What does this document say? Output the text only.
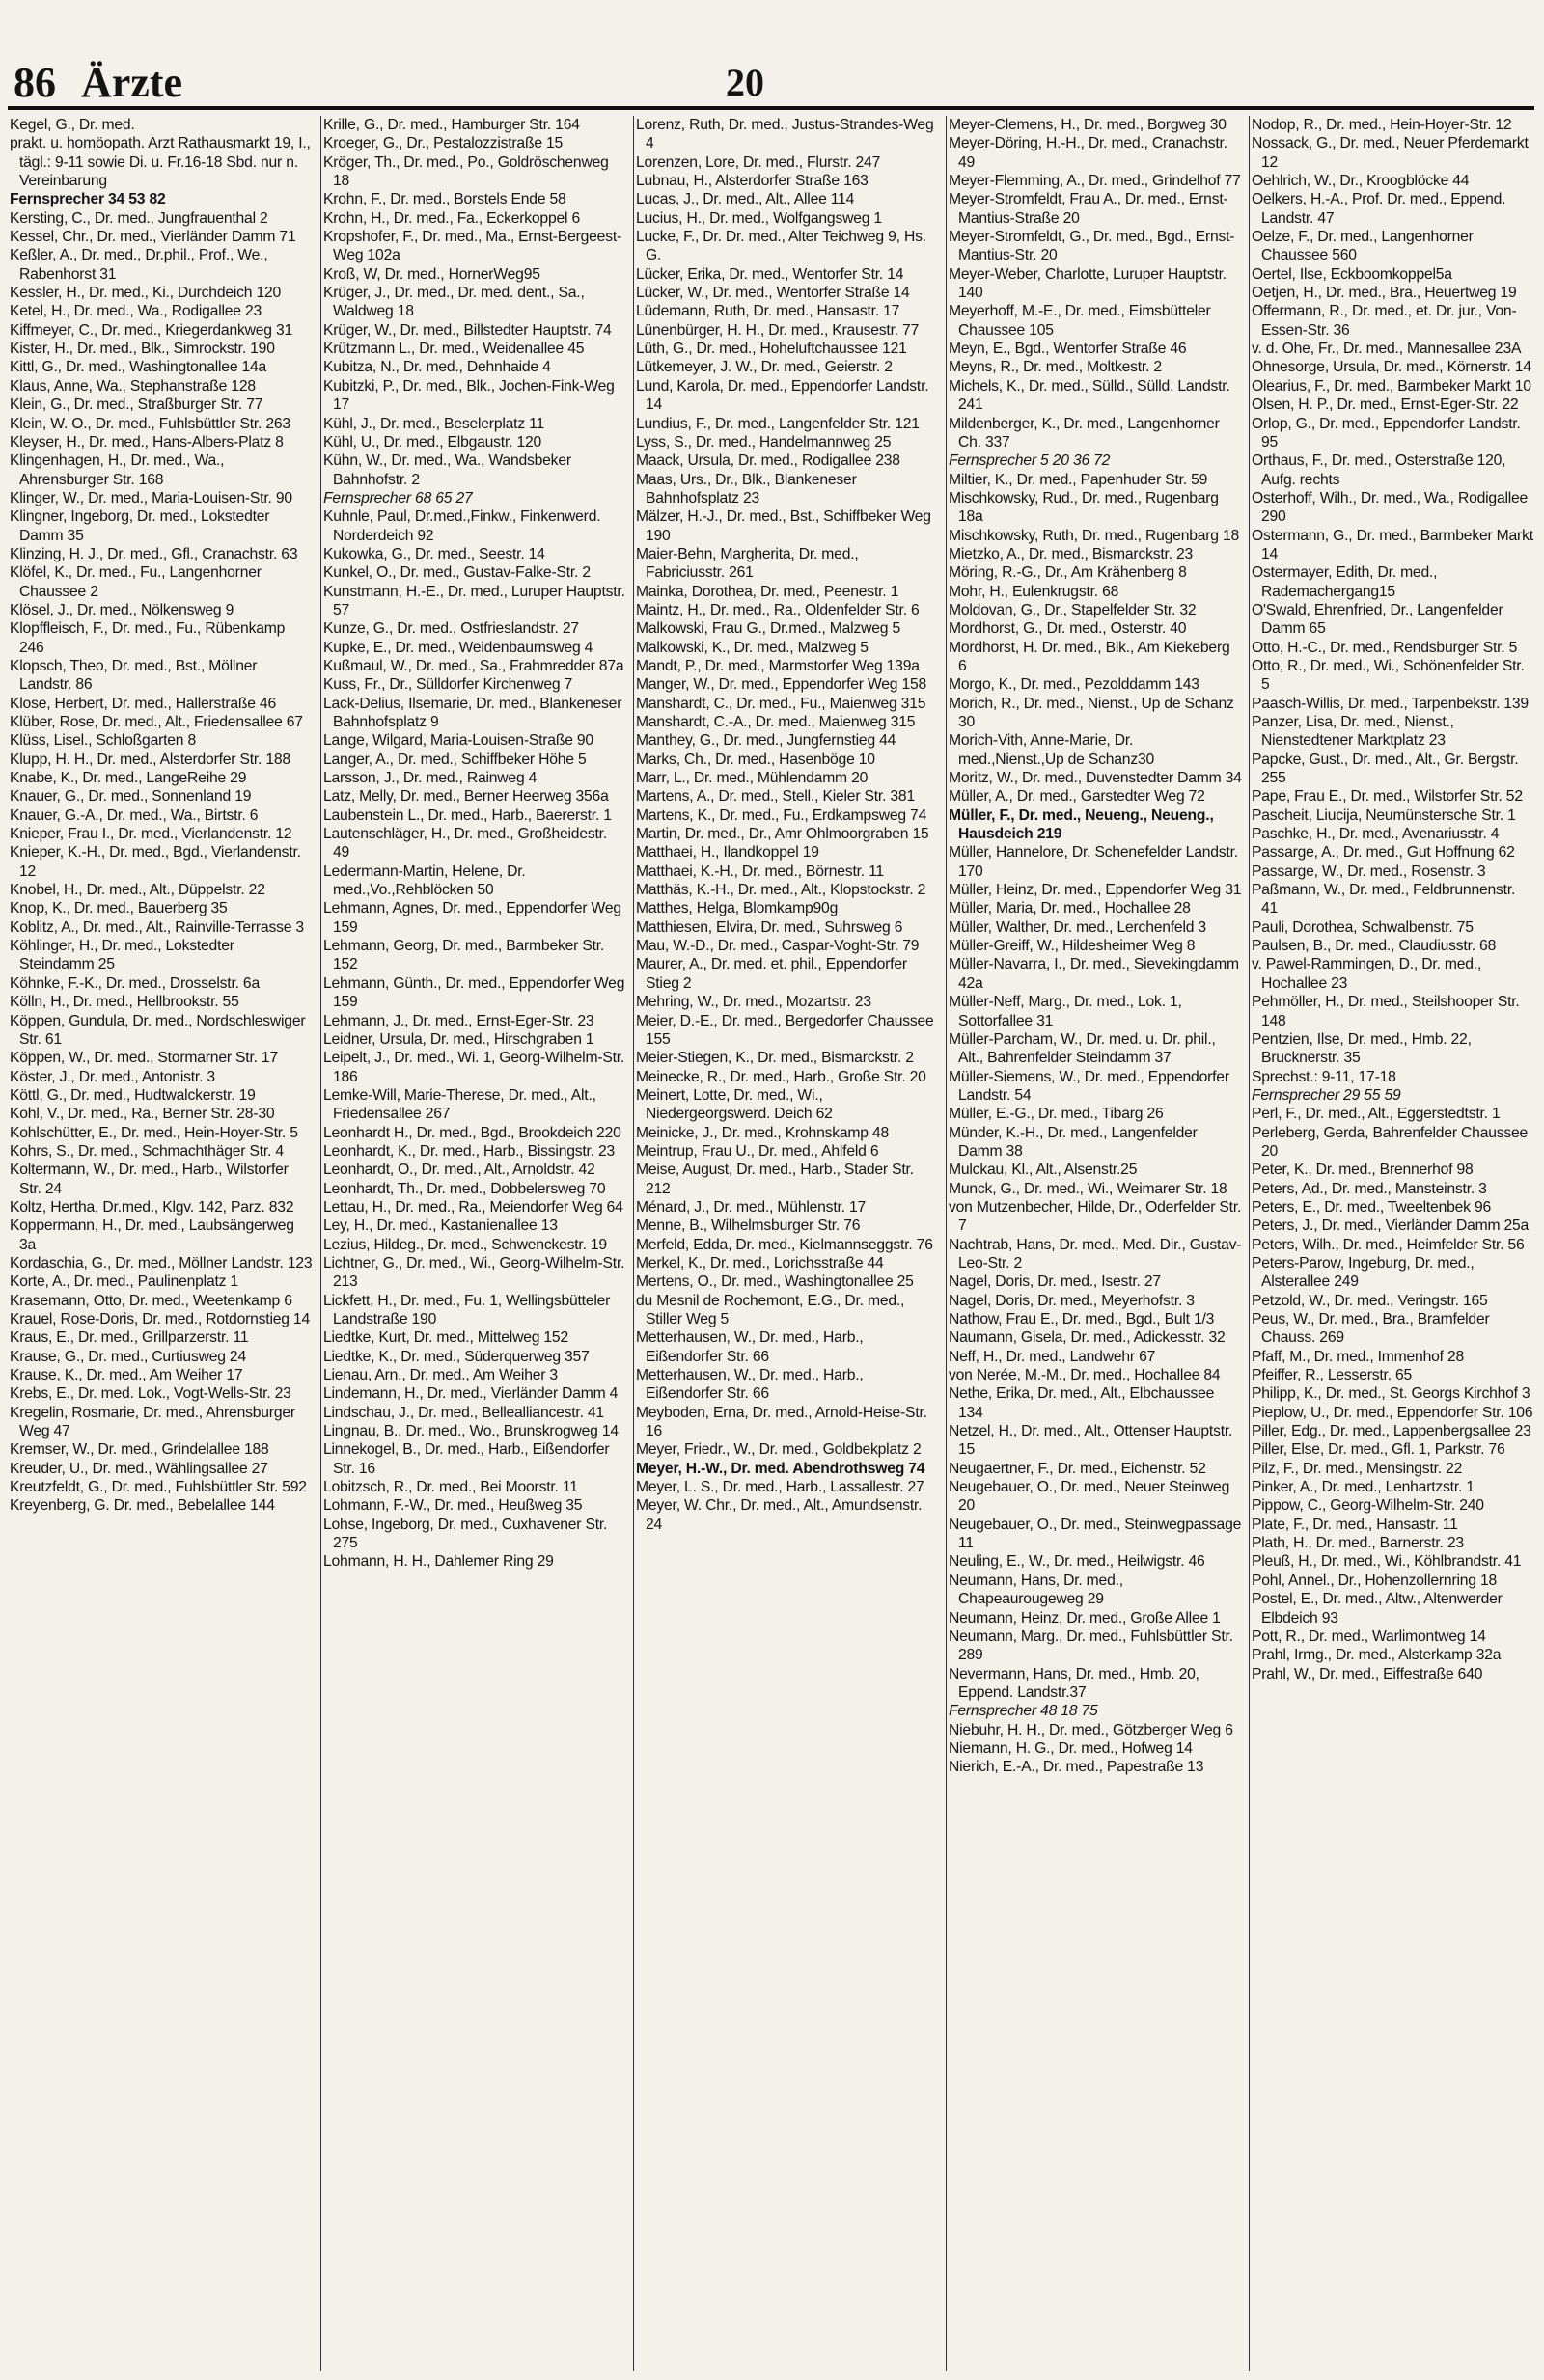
86 Ärzte	20

Kegel, G., Dr. med.

prakt. u. homöopath. Arzt Rathausmarkt 19, I., tägl.: 9-11 sowie Di. u. Fr.16-18 Sbd. nur n. Vereinbarung

Fernsprecher 34 53 82

Kersting, C., Dr. med., Jungfrauenthal 2

Kessel, Chr., Dr. med., Vierländer Damm 71

Keßler, A., Dr. med., Dr.phil., Prof., We., Rabenhorst 31

Kessler, H., Dr. med., Ki., Durchdeich 120

Ketel, H., Dr. med., Wa., Rodigallee 23

Kiffmeyer, C., Dr. med., Kriegerdankweg 31

Kister, H., Dr. med., Blk., Simrockstr. 190

Kittl, G., Dr. med., Washingtonallee 14a

Klaus, Anne, Wa., Stephanstraße 128

Klein, G., Dr. med., Straßburger Str. 77

Klein, W. O., Dr. med., Fuhlsbüttler Str. 263

Kleyser, H., Dr. med., Hans-Albers-Platz 8

Klingenhagen, H., Dr. med., Wa., Ahrensburger Str. 168

Klinger, W., Dr. med., Maria-Louisen-Str. 90

Klingner, Ingeborg, Dr. med., Lokstedter Damm 35

Klinzing, H. J., Dr. med., Gfl., Cranachstr. 63

Klöfel, K., Dr. med., Fu., Langenhorner Chaussee 2

Klösel, J., Dr. med., Nölkensweg 9

Klopffleisch, F., Dr. med., Fu., Rübenkamp 246

Klopsch, Theo, Dr. med., Bst., Möllner Landstr. 86

Klose, Herbert, Dr. med., Hallerstraße 46

Klüber, Rose, Dr. med., Alt., Friedensallee 67

Klüss, Lisel., Schloßgarten 8

Klupp, H. H., Dr. med., Alsterdorfer Str. 188

Knabe, K., Dr. med., LangeReihe 29

Knauer, G., Dr. med., Sonnenland 19

Knauer, G.-A., Dr. med., Wa., Birtstr. 6

Knieper, Frau I., Dr. med., Vierlandenstr. 12

Knieper, K.-H., Dr. med., Bgd., Vierlandenstr. 12

Knobel, H., Dr. med., Alt., Düppelstr. 22

Knop, K., Dr. med., Bauerberg 35

Koblitz, A., Dr. med., Alt., Rainville-Terrasse 3

Köhlinger, H., Dr. med., Lokstedter Steindamm 25

Köhnke, F.-K., Dr. med., Drosselstr. 6a

Kölln, H., Dr. med., Hellbrookstr. 55

Köppen, Gundula, Dr. med., Nordschleswiger Str. 61

Köppen, W., Dr. med., Stormarner Str. 17

Köster, J., Dr. med., Antonistr. 3

Köttl, G., Dr. med., Hudtwalckerstr. 19

Kohl, V., Dr. med., Ra., Berner Str. 28-30

Kohlschütter, E., Dr. med., Hein-Hoyer-Str. 5

Kohrs, S., Dr. med., Schmachthäger Str. 4

Koltermann, W., Dr. med., Harb., Wilstorfer Str. 24

Koltz, Hertha, Dr.med., Klgv. 142, Parz. 832

Koppermann, H., Dr. med., Laubsängerweg 3a

Kordaschia, G., Dr. med., Möllner Landstr. 123

Korte, A., Dr. med., Paulinenplatz 1

Krasemann, Otto, Dr. med., Weetenkamp 6

Krauel, Rose-Doris, Dr. med., Rotdornstieg 14

Kraus, E., Dr. med., Grillparzerstr. 11

Krause, G., Dr. med., Curtiusweg 24

Krause, K., Dr. med., Am Weiher 17

Krebs, E., Dr. med. Lok., Vogt-Wells-Str. 23

Kregelin, Rosmarie, Dr. med., Ahrensburger Weg 47

Kremser, W., Dr. med., Grindelallee 188

Kreuder, U., Dr. med., Wählingsallee 27

Kreutzfeldt, G., Dr. med., Fuhlsbüttler Str. 592

Kreyenberg, G. Dr. med., Bebelallee 144

Krille, G., Dr. med., Hamburger Str. 164

Kroeger, G., Dr., Pestalozzistraße 15

Kröger, Th., Dr. med., Po., Goldröschenweg 18

Krohn, F., Dr. med., Borstels Ende 58

Krohn, H., Dr. med., Fa., Eckerkoppel 6

Kropshofer, F., Dr. med., Ma., Ernst-Bergeest-Weg 102a

Kroß, W, Dr. med., HornerWeg95

Krüger, J., Dr. med., Dr. med. dent., Sa., Waldweg 18

Krüger, W., Dr. med., Billstedter Hauptstr. 74

Krützmann L., Dr. med., Weidenallee 45

Kubitza, N., Dr. med., Dehnhaide 4

Kubitzki, P., Dr. med., Blk., Jochen-Fink-Weg 17

Kühl, J., Dr. med., Beselerplatz 11

Kühl, U., Dr. med., Elbgaustr. 120

Kühn, W., Dr. med., Wa., Wandsbeker Bahnhofstr. 2

Fernsprecher 68 65 27

Kuhnle, Paul, Dr.med.,Finkw., Finkenwerd. Norderdeich 92

Kukowka, G., Dr. med., Seestr. 14

Kunkel, O., Dr. med., Gustav-Falke-Str. 2

Kunstmann, H.-E., Dr. med., Luruper Hauptstr. 57

Kunze, G., Dr. med., Ostfrieslandstr. 27

Kupke, E., Dr. med., Weidenbaumsweg 4

Kußmaul, W., Dr. med., Sa., Frahmredder 87a

Kuss, Fr., Dr., Sülldorfer Kirchenweg 7

Lack-Delius, Ilsemarie, Dr. med., Blankeneser Bahnhofsplatz 9

Lange, Wilgard, Maria-Louisen-Straße 90

Langer, A., Dr. med., Schiffbeker Höhe 5

Larsson, J., Dr. med., Rainweg 4

Latz, Melly, Dr. med., Berner Heerweg 356a

Laubenstein L., Dr. med., Harb., Baererstr. 1

Lautenschläger, H., Dr. med., Großheidestr. 49

Ledermann-Martin, Helene, Dr. med.,Vo.,Rehblöcken 50

Lehmann, Agnes, Dr. med., Eppendorfer Weg 159

Lehmann, Georg, Dr. med., Barmbeker Str. 152

Lehmann, Günth., Dr. med., Eppendorfer Weg 159

Lehmann, J., Dr. med., Ernst-Eger-Str. 23

Leidner, Ursula, Dr. med., Hirschgraben 1

Leipelt, J., Dr. med., Wi. 1, Georg-Wilhelm-Str. 186

Lemke-Will, Marie-Therese, Dr. med., Alt., Friedensallee 267

Leonhardt H., Dr. med., Bgd., Brookdeich 220

Leonhardt, K., Dr. med., Harb., Bissingstr. 23

Leonhardt, O., Dr. med., Alt., Arnoldstr. 42

Leonhardt, Th., Dr. med., Dobbelersweg 70

Lettau, H., Dr. med., Ra., Meiendorfer Weg 64

Ley, H., Dr. med., Kastanienallee 13

Lezius, Hildeg., Dr. med., Schwenckestr. 19

Lichtner, G., Dr. med., Wi., Georg-Wilhelm-Str. 213

Lickfett, H., Dr. med., Fu. 1, Wellingsbütteler Landstraße 190

Liedtke, Kurt, Dr. med., Mittelweg 152

Liedtke, K., Dr. med., Süderquerweg 357

Lienau, Arn., Dr. med., Am Weiher 3

Lindemann, H., Dr. med., Vierländer Damm 4

Lindschau, J., Dr. med., Bellealliancestr. 41

Lingnau, B., Dr. med., Wo., Brunskrogweg 14

Linnekogel, B., Dr. med., Harb., Eißendorfer Str. 16

Lobitzsch, R., Dr. med., Bei Moorstr. 11

Lohmann, F.-W., Dr. med., Heußweg 35

Lohse, Ingeborg, Dr. med., Cuxhavener Str. 275

Lohmann, H. H., Dahlemer Ring 29

Lorenz, Ruth, Dr. med., Justus-Strandes-Weg 4

Lorenzen, Lore, Dr. med., Flurstr. 247

Lubnau, H., Alsterdorfer Straße 163

Lucas, J., Dr. med., Alt., Allee 114

Lucius, H., Dr. med., Wolfgangsweg 1

Lucke, F., Dr. Dr. med., Alter Teichweg 9, Hs. G.

Lücker, Erika, Dr. med., Wentorfer Str. 14

Lücker, W., Dr. med., Wentorfer Straße 14

Lüdemann, Ruth, Dr. med., Hansastr. 17

Lünenbürger, H. H., Dr. med., Krausestr. 77

Lüth, G., Dr. med., Hoheluftchaussee 121

Lütkemeyer, J. W., Dr. med., Geierstr. 2

Lund, Karola, Dr. med., Eppendorfer Landstr. 14

Lundius, F., Dr. med., Langenfelder Str. 121

Lyss, S., Dr. med., Handelmannweg 25

Maack, Ursula, Dr. med., Rodigallee 238

Maas, Urs., Dr., Blk., Blankeneser Bahnhofsplatz 23

Mälzer, H.-J., Dr. med., Bst., Schiffbeker Weg 190

Maier-Behn, Margherita, Dr. med., Fabriciusstr. 261

Mainka, Dorothea, Dr. med., Peenestr. 1

Maintz, H., Dr. med., Ra., Oldenfelder Str. 6

Malkowski, Frau G., Dr.med., Malzweg 5

Malkowski, K., Dr. med., Malzweg 5

Mandt, P., Dr. med., Marmstorfer Weg 139a

Manger, W., Dr. med., Eppendorfer Weg 158

Manshardt, C., Dr. med., Fu., Maienweg 315

Manshardt, C.-A., Dr. med., Maienweg 315

Manthey, G., Dr. med., Jungfernstieg 44

Marks, Ch., Dr. med., Hasenböge 10

Marr, L., Dr. med., Mühlendamm 20

Martens, A., Dr. med., Stell., Kieler Str. 381

Martens, K., Dr. med., Fu., Erdkampsweg 74

Martin, Dr. med., Dr., Amr Ohlmoorgraben 15

Matthaei, H., Ilandkoppel 19

Matthaei, K.-H., Dr. med., Börnestr. 11

Matthäs, K.-H., Dr. med., Alt., Klopstockstr. 2

Matthes, Helga, Blomkamp90g

Matthiesen, Elvira, Dr. med., Suhrsweg 6

Mau, W.-D., Dr. med., Caspar-Voght-Str. 79

Maurer, A., Dr. med. et. phil., Eppendorfer Stieg 2

Mehring, W., Dr. med., Mozartstr. 23

Meier, D.-E., Dr. med., Bergedorfer Chaussee 155

Meier-Stiegen, K., Dr. med., Bismarckstr. 2

Meinecke, R., Dr. med., Harb., Große Str. 20

Meinert, Lotte, Dr. med., Wi., Niedergeorgswerd. Deich 62

Meinicke, J., Dr. med., Krohnskamp 48

Meintrup, Frau U., Dr. med., Ahlfeld 6

Meise, August, Dr. med., Harb., Stader Str. 212

Ménard, J., Dr. med., Mühlenstr. 17

Menne, B., Wilhelmsburger Str. 76

Merfeld, Edda, Dr. med., Kielmannseggstr. 76

Merkel, K., Dr. med., Lorichsstraße 44

Mertens, O., Dr. med., Washingtonallee 25

du Mesnil de Rochemont, E.G., Dr. med., Stiller Weg 5

Metterhausen, W., Dr. med., Harb., Eißendorfer Str. 66

Metterhausen, W., Dr. med., Harb., Eißendorfer Str. 66

Meyboden, Erna, Dr. med., Arnold-Heise-Str. 16

Meyer, Friedr., W., Dr. med., Goldbekplatz 2

Meyer, H.-W., Dr. med. Abendrothsweg 74

Meyer, L. S., Dr. med., Harb., Lassallestr. 27

Meyer, W. Chr., Dr. med., Alt., Amundsenstr. 24

Meyer-Clemens, H., Dr. med., Borgweg 30

Meyer-Döring, H.-H., Dr. med., Cranachstr. 49

Meyer-Flemming, A., Dr. med., Grindelhof 77

Meyer-Stromfeldt, Frau A., Dr. med., Ernst-Mantius-Straße 20

Meyer-Stromfeldt, G., Dr. med., Bgd., Ernst-Mantius-Str. 20

Meyer-Weber, Charlotte, Luruper Hauptstr. 140

Meyerhoff, M.-E., Dr. med., Eimsbütteler Chaussee 105

Meyn, E., Bgd., Wentorfer Straße 46

Meyns, R., Dr. med., Moltkestr. 2

Michels, K., Dr. med., Sülld., Sülld. Landstr. 241

Mildenberger, K., Dr. med., Langenhorner Ch. 337

Fernsprecher 5 20 36 72

Miltier, K., Dr. med., Papenhuder Str. 59

Mischkowsky, Rud., Dr. med., Rugenbarg 18a

Mischkowsky, Ruth, Dr. med., Rugenbarg 18

Mietzko, A., Dr. med., Bismarckstr. 23

Möring, R.-G., Dr., Am Krähenberg 8

Mohr, H., Eulenkrugstr. 68

Moldovan, G., Dr., Stapelfelder Str. 32

Mordhorst, G., Dr. med., Osterstr. 40

Mordhorst, H. Dr. med., Blk., Am Kiekeberg 6

Morgo, K., Dr. med., Pezolddamm 143

Morich, R., Dr. med., Nienst., Up de Schanz 30

Morich-Vith, Anne-Marie, Dr. med.,Nienst.,Up de Schanz30

Moritz, W., Dr. med., Duvenstedter Damm 34

Müller, A., Dr. med., Garstedter Weg 72

Müller, F., Dr. med., Neueng., Neueng., Hausdeich 219

Müller, Hannelore, Dr. Schenefelder Landstr. 170

Müller, Heinz, Dr. med., Eppendorfer Weg 31

Müller, Maria, Dr. med., Hochallee 28

Müller, Walther, Dr. med., Lerchenfeld 3

Müller-Greiff, W., Hildesheimer Weg 8

Müller-Navarra, I., Dr. med., Sievekingdamm 42a

Müller-Neff, Marg., Dr. med., Lok. 1, Sottorfallee 31

Müller-Parcham, W., Dr. med. u. Dr. phil., Alt., Bahrenfelder Steindamm 37

Müller-Siemens, W., Dr. med., Eppendorfer Landstr. 54

Müller, E.-G., Dr. med., Tibarg 26

Münder, K.-H., Dr. med., Langenfelder Damm 38

Mulckau, Kl., Alt., Alsenstr.25

Munck, G., Dr. med., Wi., Weimarer Str. 18

von Mutzenbecher, Hilde, Dr., Oderfelder Str. 7

Nachtrab, Hans, Dr. med., Med. Dir., Gustav-Leo-Str. 2

Nagel, Doris, Dr. med., Isestr. 27

Nagel, Doris, Dr. med., Meyerhofstr. 3

Nathow, Frau E., Dr. med., Bgd., Bult 1/3

Naumann, Gisela, Dr. med., Adickesstr. 32

Neff, H., Dr. med., Landwehr 67

von Nerée, M.-M., Dr. med., Hochallee 84

Nethe, Erika, Dr. med., Alt., Elbchaussee 134

Netzel, H., Dr. med., Alt., Ottenser Hauptstr. 15

Neugaertner, F., Dr. med., Eichenstr. 52

Neugebauer, O., Dr. med., Neuer Steinweg 20

Neugebauer, O., Dr. med., Steinwegpassage 11

Neuling, E., W., Dr. med., Heilwigstr. 46

Neumann, Hans, Dr. med., Chapeaurougeweg 29

Neumann, Heinz, Dr. med., Große Allee 1

Neumann, Marg., Dr. med., Fuhlsbüttler Str. 289

Nevermann, Hans, Dr. med., Hmb. 20, Eppend. Landstr.37

Fernsprecher 48 18 75

Niebuhr, H. H., Dr. med., Götzberger Weg 6

Niemann, H. G., Dr. med., Hofweg 14

Nierich, E.-A., Dr. med., Papestraße 13

Nodop, R., Dr. med., Hein-Hoyer-Str. 12

Nossack, G., Dr. med., Neuer Pferdemarkt 12

Oehlrich, W., Dr., Kroogblöcke 44

Oelkers, H.-A., Prof. Dr. med., Eppend. Landstr. 47

Oelze, F., Dr. med., Langenhorner Chaussee 560

Oertel, Ilse, Eckboomkoppel5a

Oetjen, H., Dr. med., Bra., Heuertweg 19

Offermann, R., Dr. med., et. Dr. jur., Von-Essen-Str. 36

v. d. Ohe, Fr., Dr. med., Mannesallee 23A

Ohnesorge, Ursula, Dr. med., Körnerstr. 14

Olearius, F., Dr. med., Barmbeker Markt 10

Olsen, H. P., Dr. med., Ernst-Eger-Str. 22

Orlop, G., Dr. med., Eppendorfer Landstr. 95

Orthaus, F., Dr. med., Osterstraße 120, Aufg. rechts

Osterhoff, Wilh., Dr. med., Wa., Rodigallee 290

Ostermann, G., Dr. med., Barmbeker Markt 14

Ostermayer, Edith, Dr. med., Rademachergang15

O'Swald, Ehrenfried, Dr., Langenfelder Damm 65

Otto, H.-C., Dr. med., Rendsburger Str. 5

Otto, R., Dr. med., Wi., Schönenfelder Str. 5

Paasch-Willis, Dr. med., Tarpenbekstr. 139

Panzer, Lisa, Dr. med., Nienst., Nienstedtener Marktplatz 23

Papcke, Gust., Dr. med., Alt., Gr. Bergstr. 255

Pape, Frau E., Dr. med., Wilstorfer Str. 52

Pascheit, Liucija, Neumünstersche Str. 1

Paschke, H., Dr. med., Avenariusstr. 4

Passarge, A., Dr. med., Gut Hoffnung 62

Passarge, W., Dr. med., Rosenstr. 3

Paßmann, W., Dr. med., Feldbrunnenstr. 41

Pauli, Dorothea, Schwalbenstr. 75

Paulsen, B., Dr. med., Claudiusstr. 68

v. Pawel-Rammingen, D., Dr. med., Hochallee 23

Pehmöller, H., Dr. med., Steilshooper Str. 148

Pentzien, Ilse, Dr. med., Hmb. 22, Brucknerstr. 35

Sprechst.: 9-11, 17-18

Fernsprecher 29 55 59

Perl, F., Dr. med., Alt., Eggerstedtstr. 1

Perleberg, Gerda, Bahrenfelder Chaussee 20

Peter, K., Dr. med., Brennerhof 98

Peters, Ad., Dr. med., Mansteinstr. 3

Peters, E., Dr. med., Tweeltenbek 96

Peters, J., Dr. med., Vierländer Damm 25a

Peters, Wilh., Dr. med., Heimfelder Str. 56

Peters-Parow, Ingeburg, Dr. med., Alsterallee 249

Petzold, W., Dr. med., Veringstr. 165

Peus, W., Dr. med., Bra., Bramfelder Chauss. 269

Pfaff, M., Dr. med., Immenhof 28

Pfeiffer, R., Lesserstr. 65

Philipp, K., Dr. med., St. Georgs Kirchhof 3

Pieplow, U., Dr. med., Eppendorfer Str. 106

Piller, Edg., Dr. med., Lappenbergsallee 23

Piller, Else, Dr. med., Gfl. 1, Parkstr. 76

Pilz, F., Dr. med., Mensingstr. 22

Pinker, A., Dr. med., Lenhartzstr. 1

Pippow, C., Georg-Wilhelm-Str. 240

Plate, F., Dr. med., Hansastr. 11

Plath, H., Dr. med., Barnerstr. 23

Pleuß, H., Dr. med., Wi., Köhlbrandstr. 41

Pohl, Annel., Dr., Hohenzollernring 18

Postel, E., Dr. med., Altw., Altenwerder Elbdeich 93

Pott, R., Dr. med., Warlimontweg 14

Prahl, Irmg., Dr. med., Alsterkamp 32a

Prahl, W., Dr. med., Eiffestraße 640
